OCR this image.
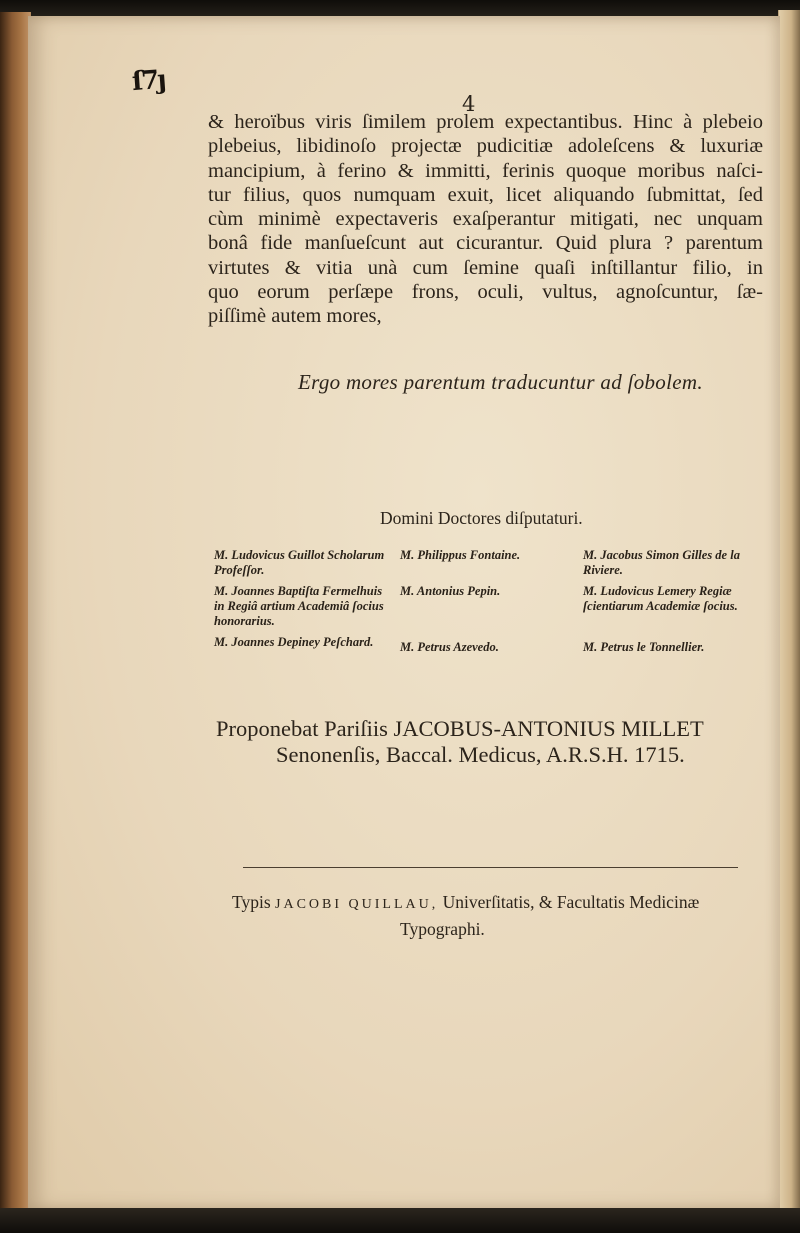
ſ7ȷ
4
& heroïbus viris ſimilem prolem expectantibus. Hinc à plebeio
plebeius, libidinoſo projectæ pudicitiæ adoleſcens & luxuriæ
mancipium, à ferino & immitti, ferinis quoque moribus naſci-
tur filius, quos numquam exuit, licet aliquando ſubmittat, ſed
cùm minimè expectaveris exaſperantur mitigati, nec unquam
bonâ fide manſueſcunt aut cicurantur. Quid plura ? parentum
virtutes & vitia unà cum ſemine quaſi inſtillantur filio, in
quo eorum perſæpe frons, oculi, vultus, agnoſcuntur, ſæ-
piſſimè autem mores,
Ergo mores parentum traducuntur ad ſobolem.
Domini Doctores diſputaturi.
M. Ludovicus Guillot Scholarum Profeſſor.
M. Joannes Baptiſta Fermelhuis in Regiâ artium Academiâ ſocius honorarius.
M. Joannes Depiney Peſchard.
M. Philippus Fontaine.
M. Antonius Pepin.
M. Petrus Azevedo.
M. Jacobus Simon Gilles de la Riviere.
M. Ludovicus Lemery Regiæ ſcientiarum Academiæ ſocius.
M. Petrus le Tonnellier.
Proponebat Pariſiis JACOBUS-ANTONIUS MILLET
Senonenſis, Baccal. Medicus, A.R.S.H. 1715.
Typis JACOBI QUILLAU, Univerſitatis, & Facultatis Medicinæ
Typographi.
